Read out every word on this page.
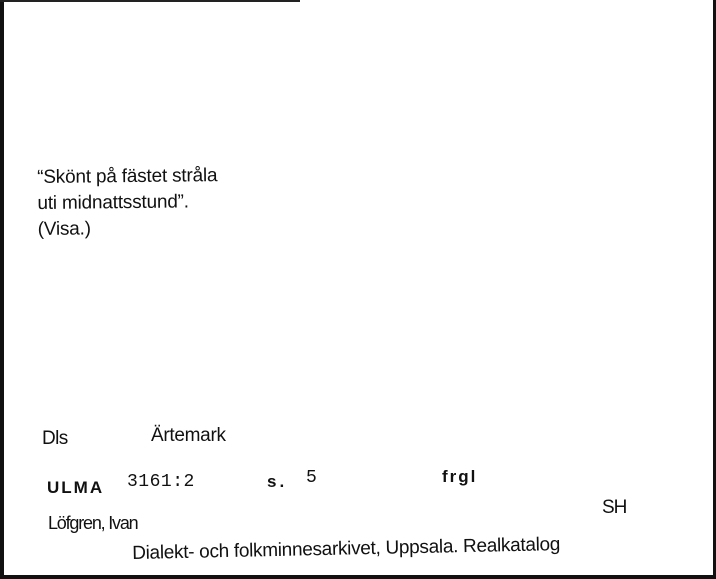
“Skönt på fästet stråla
uti midnattsstund”.
(Visa.)
Dls	Ärtemark
ULMA 3161:2	s. 5	frgl
Löfgren, Ivan
SH
Dialekt- och folkminnesarkivet, Uppsala. Realkatalog
